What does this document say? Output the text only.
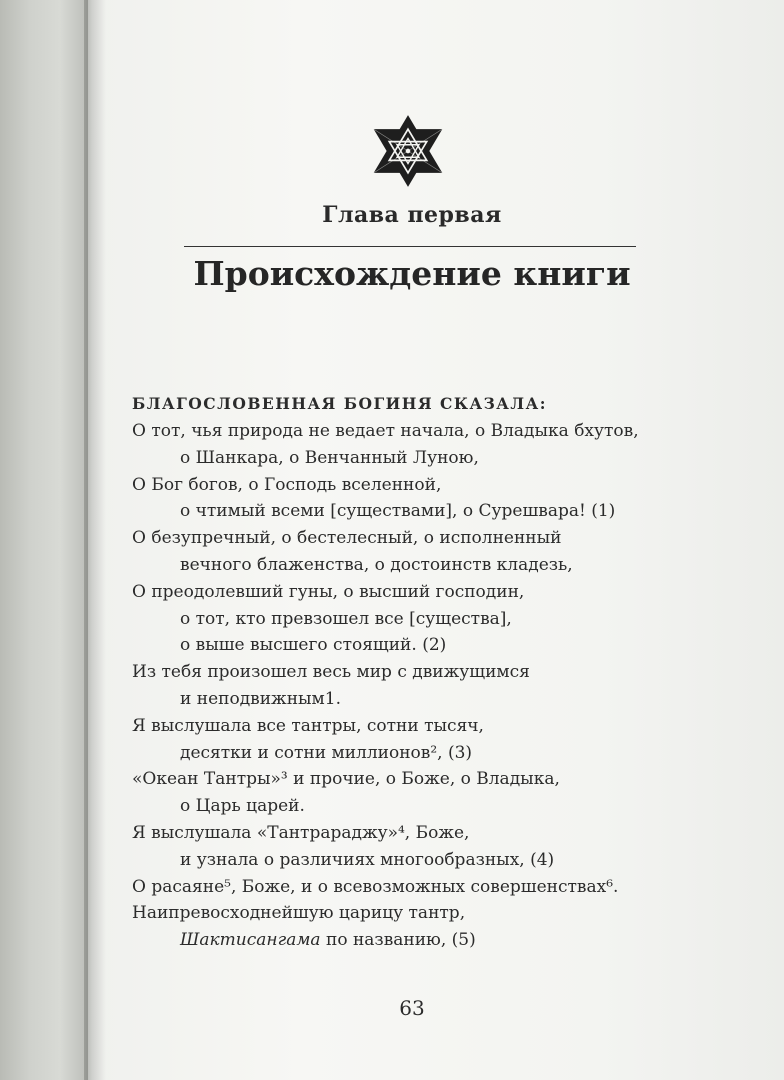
Глава первая
Происхождение книги
БЛАГОСЛОВЕННАЯ БОГИНЯ СКАЗАЛА:
О тот, чья природа не ведает начала, о Владыка бхутов,
о Шанкара, о Венчанный Луною,
О Бог богов, о Господь вселенной,
о чтимый всеми [существами], о Сурешвара! (1)
О безупречный, о бестелесный, о исполненный
вечного блаженства, о достоинств кладезь,
О преодолевший гуны, о высший господин,
о тот, кто превзошел все [существа],
о выше высшего стоящий. (2)
Из тебя произошел весь мир с движущимся
и неподвижным1.
Я выслушала все тантры, сотни тысяч,
десятки и сотни миллионов², (3)
«Океан Тантры»³ и прочие, о Боже, о Владыка,
о Царь царей.
Я выслушала «Тантрараджу»⁴, Боже,
и узнала о различиях многообразных, (4)
О расаяне⁵, Боже, и о всевозможных совершенствах⁶.
Наипревосходнейшую царицу тантр,
Шактисангама по названию, (5)
63
